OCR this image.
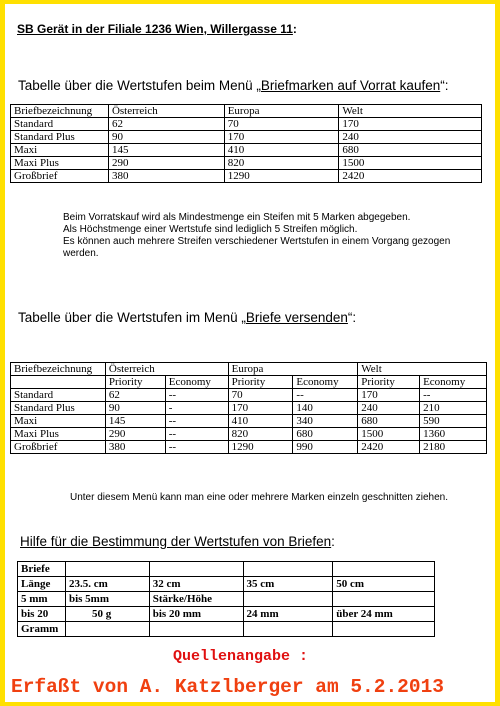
SB Gerät in der Filiale 1236 Wien, Willergasse 11:
Tabelle über die Wertstufen beim Menü „Briefmarken auf Vorrat kaufen“:
Briefbezeichnung	Österreich	Europa	Welt
Standard	62	70	170
Standard Plus	90	170	240
Maxi	145	410	680
Maxi Plus	290	820	1500
Großbrief	380	1290	2420

Beim Vorratskauf wird als Mindestmenge ein Steifen mit 5 Marken abgegeben.

Als Höchstmenge einer Wertstufe sind lediglich 5 Streifen möglich.

Es können auch mehrere Streifen verschiedener Wertstufen in einem Vorgang gezogen

werden.

Tabelle über die Wertstufen im Menü „Briefe versenden“:
Briefbezeichnung	Österreich		Europa		Welt	
	Priority	Economy	Priority	Economy	Priority	Economy
Standard	62	--	70	--	170	--
Standard Plus	90	-	170	140	240	210
Maxi	145	--	410	340	680	590
Maxi Plus	290	--	820	680	1500	1360
Großbrief	380	--	1290	990	2420	2180
Unter diesem Menü kann man eine oder mehrere Marken einzeln geschnitten ziehen.
Hilfe für die Bestimmung der Wertstufen von Briefen:
Briefe				
Länge	23.5. cm	32 cm	35 cm	50 cm
5 mm	bis 5mm	Stärke/Höhe		
bis 20	50 g	bis 20 mm	24 mm	über 24 mm
Gramm				
Quellenangabe :
Erfaßt von A. Katzlberger am 5.2.2013
